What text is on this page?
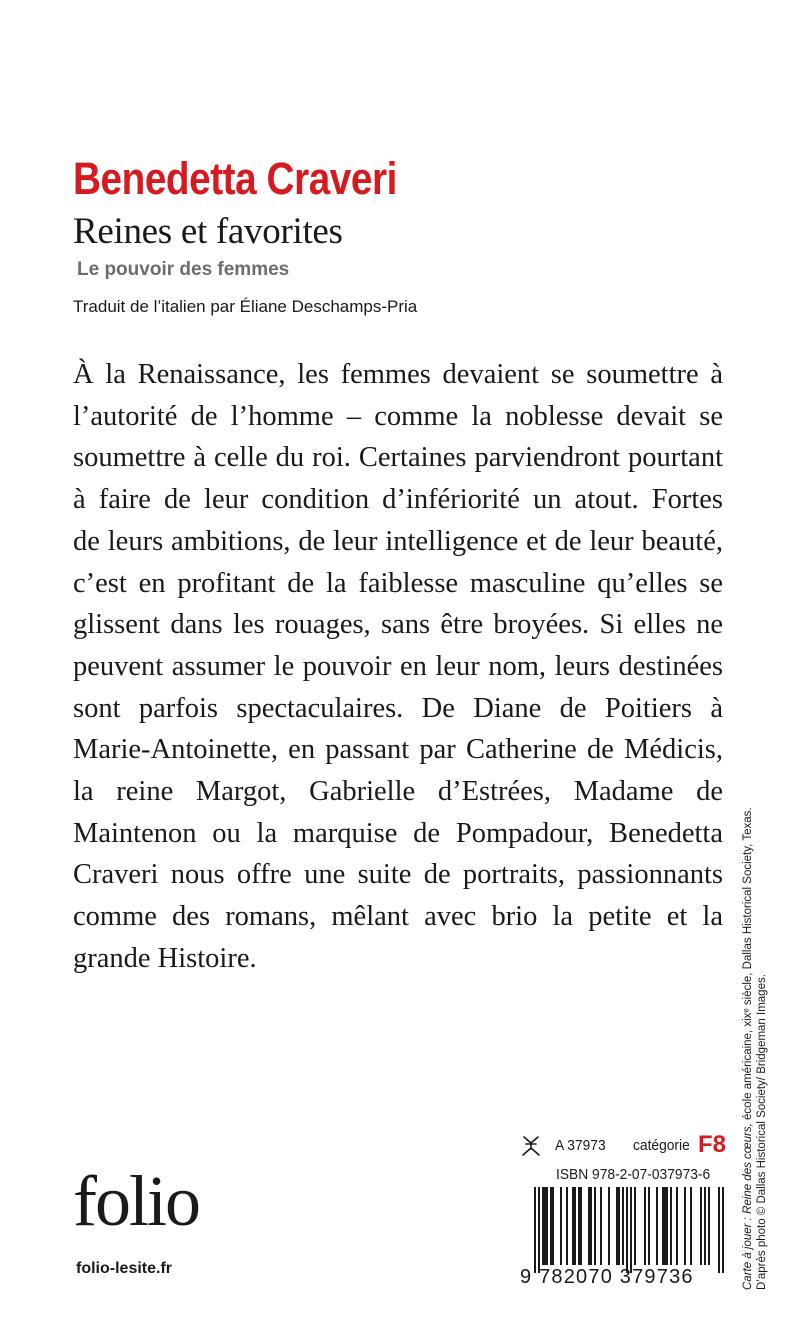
Benedetta Craveri
Reines et favorites
Le pouvoir des femmes
Traduit de l’italien par Éliane Deschamps-Pria
À la Renaissance, les femmes devaient se soumettre à
l’autorité de l’homme – comme la noblesse devait se
soumettre à celle du roi. Certaines parviendront pourtant
à faire de leur condition d’infériorité un atout. Fortes
de leurs ambitions, de leur intelligence et de leur beauté,
c’est en profitant de la faiblesse masculine qu’elles se
glissent dans les rouages, sans être broyées. Si elles ne
peuvent assumer le pouvoir en leur nom, leurs destinées
sont parfois spectaculaires. De Diane de Poitiers à
Marie-Antoinette, en passant par Catherine de Médicis,
la reine Margot, Gabrielle d’Estrées, Madame de
Maintenon ou la marquise de Pompadour, Benedetta
Craveri nous offre une suite de portraits, passionnants
comme des romans, mêlant avec brio la petite et la
grande Histoire.
A 37973 catégorie F8
ISBN 978-2-07-037973-6
9 782070 379736
folio
folio-lesite.fr	Carte à jouer : Reine des cœurs, école américaine, xixᵉ siècle, Dallas Historical Society, Texas.
D’après photo © Dallas Historical Society/ Bridgeman Images.
